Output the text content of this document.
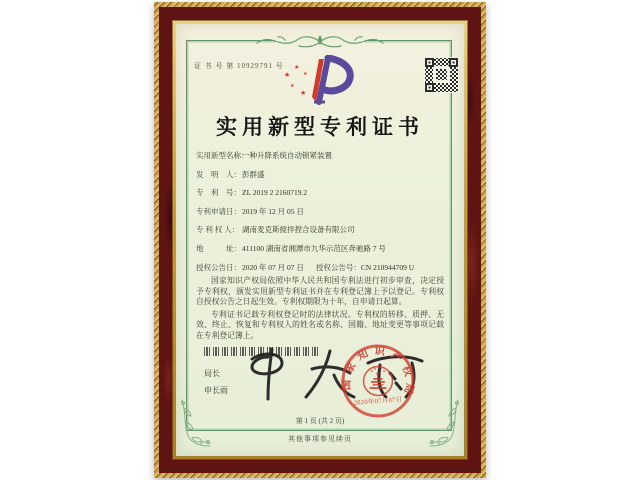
证 书 号 第 10929791 号
★
★
★
★
★
实用新型专利证书
实用新型名称：一种升降系统自动锁紧装置
发　明　人：彭群盛
专　利　号：ZL 2019 2 2160719.2
专利申请日：2019 年 12 月 05 日
专 利 权 人： 湖南麦克斯搅拌捏合设备有限公司
地　　　址：411100 湖南省湘潭市九华示范区奔驰路 7 号
授权公告日：2020 年 07 月 07 日 授权公告号：CN 210944709 U

国家知识产权局依照中华人民共和国专利法进行初步审查，决定授予专利权，颁发实用新型专利证书并在专利登记簿上予以登记。专利权自授权公告之日起生效。专利权期限为十年，自申请日起算。

专利证书记载专利权登记时的法律状况。专利权的转移、质押、无效、终止、恢复和专利权人的姓名或名称、国籍、地址变更等事项记载在专利登记簿上。

局长
申长雨
国家知识产权局
★
2020年07月07日
第 1 页 (共 2 页)
其他事项参见续页
